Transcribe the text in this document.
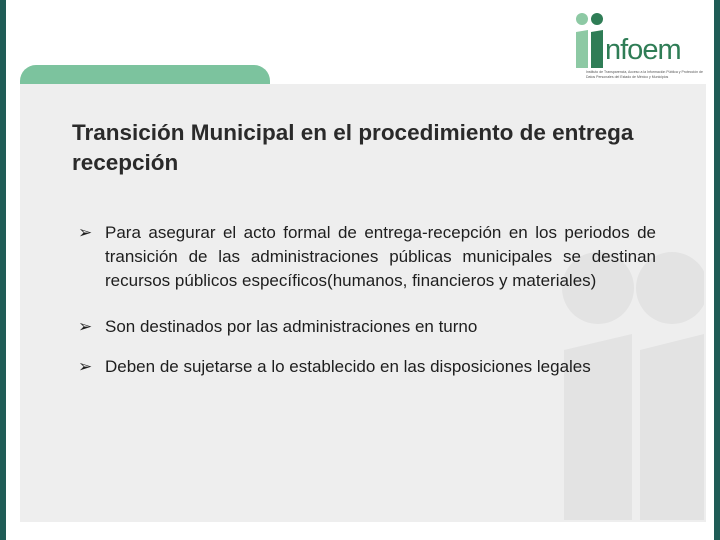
nfoem
Instituto de Transparencia, Acceso a la Información Pública y Protección de Datos Personales del Estado de México y Municipios
Transición Municipal en el procedimiento de entrega recepción
➢ Para asegurar el acto formal de entrega-recepción en los periodos de transición de las administraciones públicas municipales se destinan recursos públicos específicos(humanos, financieros y materiales)
➢ Son destinados por las administraciones en turno
➢ Deben de sujetarse a lo establecido en las disposiciones legales
